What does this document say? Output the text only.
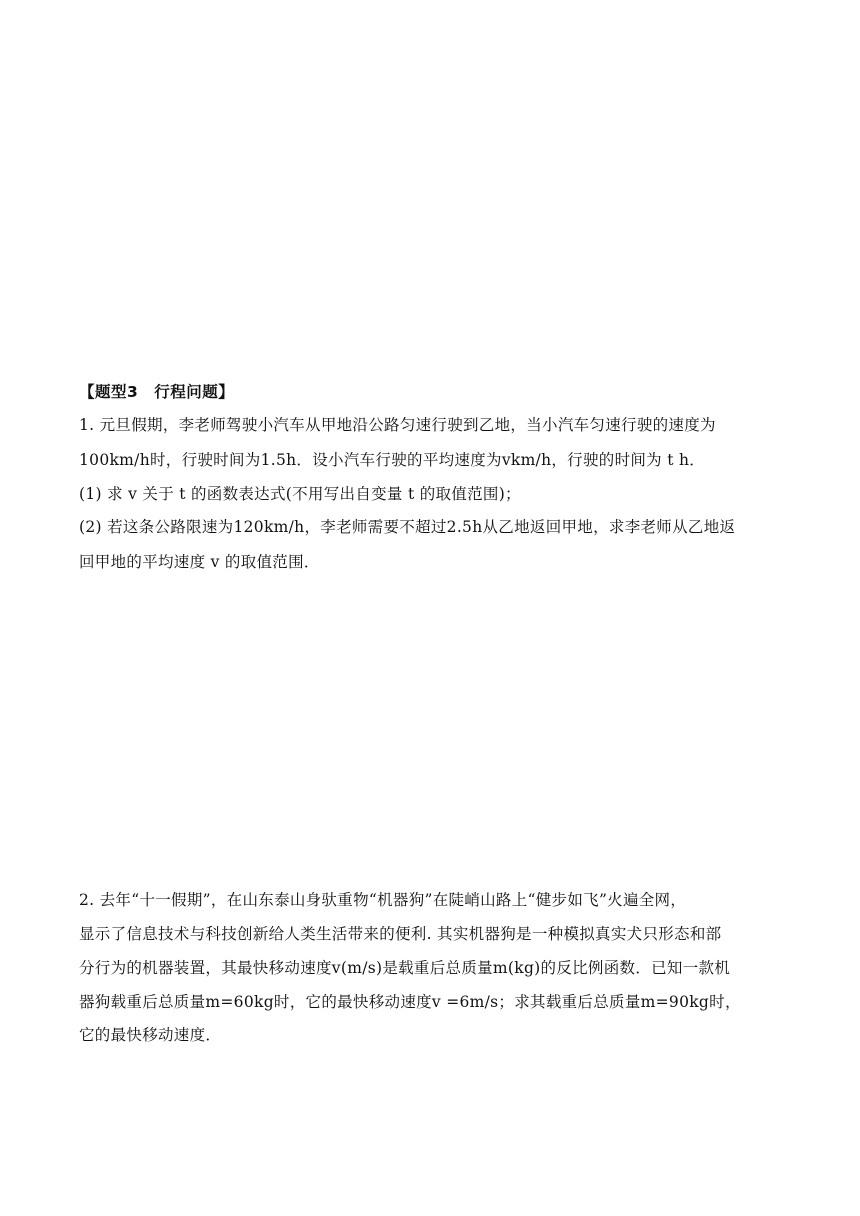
【题型3　行程问题】
1. 元旦假期，李老师驾驶小汽车从甲地沿公路匀速行驶到乙地，当小汽车匀速行驶的速度为
100km/h时，行驶时间为1.5h．设小汽车行驶的平均速度为vkm/h，行驶的时间为 t h．
(1) 求 v 关于 t 的函数表达式(不用写出自变量 t 的取值范围)；
(2) 若这条公路限速为120km/h，李老师需要不超过2.5h从乙地返回甲地，求李老师从乙地返
回甲地的平均速度 v 的取值范围．
2. 去年“十一假期”，在山东泰山身驮重物“机器狗”在陡峭山路上“健步如飞”火遍全网，
显示了信息技术与科技创新给人类生活带来的便利. 其实机器狗是一种模拟真实犬只形态和部
分行为的机器装置，其最快移动速度v(m/s)是载重后总质量m(kg)的反比例函数．已知一款机
器狗载重后总质量m=60kg时，它的最快移动速度v =6m/s；求其载重后总质量m=90kg时，
它的最快移动速度．
